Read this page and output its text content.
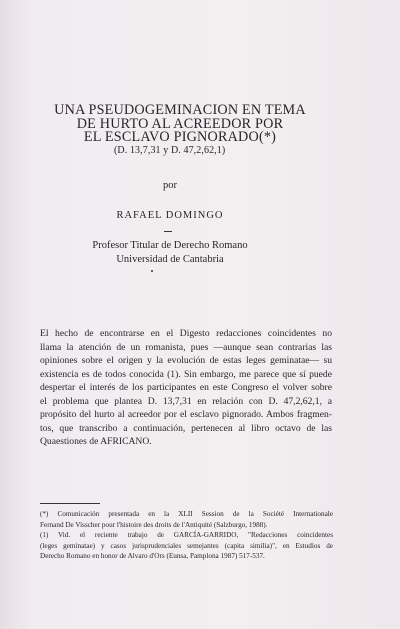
UNA PSEUDOGEMINACION EN TEMA
DE HURTO AL ACREEDOR POR
EL ESCLAVO PIGNORADO(*)
(D. 13,7,31 y D. 47,2,62,1)
por
RAFAEL DOMINGO
Profesor Titular de Derecho Romano
Universidad de Cantabria
El hecho de encontrarse en el Digesto redacciones coincidentes no
llama la atención de un romanista, pues —aunque sean contrarias las
opiniones sobre el origen y la evolución de estas leges geminatae— su
existencia es de todos conocida (1). Sin embargo, me parece que sí puede
despertar el interés de los participantes en este Congreso el volver sobre
el problema que plantea D. 13,7,31 en relación con D. 47,2,62,1, a
propósito del hurto al acreedor por el esclavo pignorado. Ambos fragmen-
tos, que transcribo a continuación, pertenecen al libro octavo de las
Quaestiones de AFRICANO.
(*) Comunicación presentada en la XLII Session de la Société Internationale
Fernand De Visscher pour l'histoire des droits de l'Antiquité (Salzburgo, 1988).
(1) Vid. el reciente trabajo de GARCÍA-GARRIDO, "Redacciones coincidentes
(leges geminatae) y casos jurisprudenciales semejantes (capita similia)", en Estudios de
Derecho Romano en honor de Alvaro d'Ors (Eunsa, Pamplona 1987) 517-537.
